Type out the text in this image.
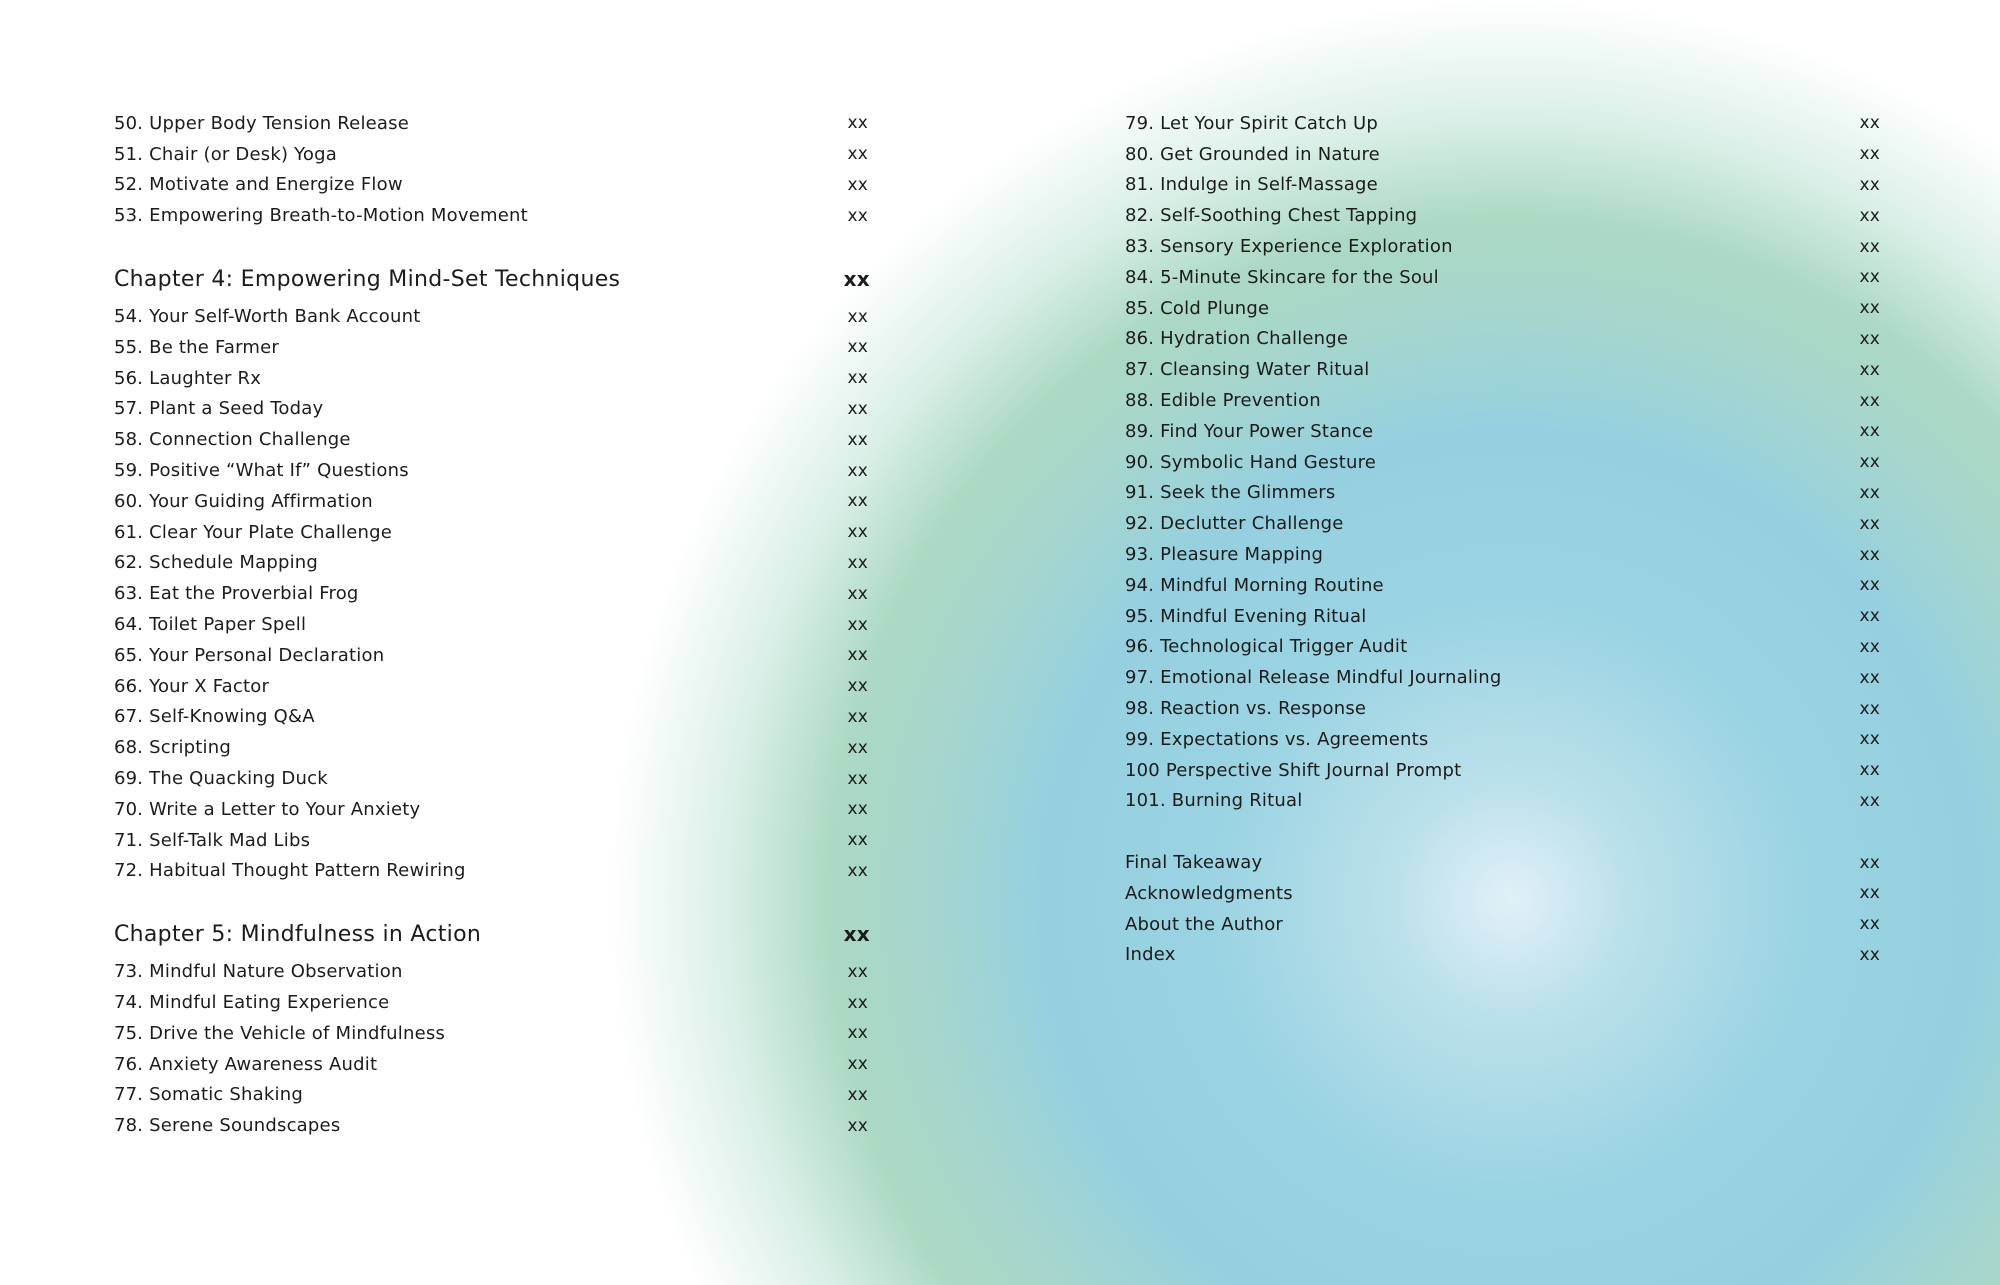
50. Upper Body Tension Release	xx
51. Chair (or Desk) Yoga	xx
52. Motivate and Energize Flow	xx
53. Empowering Breath-to-Motion Movement	xx
Chapter 4: Empowering Mind-Set Techniques	xx
54. Your Self-Worth Bank Account	xx
55. Be the Farmer	xx
56. Laughter Rx	xx
57. Plant a Seed Today	xx
58. Connection Challenge	xx
59. Positive “What If” Questions	xx
60. Your Guiding Affirmation	xx
61. Clear Your Plate Challenge	xx
62. Schedule Mapping	xx
63. Eat the Proverbial Frog	xx
64. Toilet Paper Spell	xx
65. Your Personal Declaration	xx
66. Your X Factor	xx
67. Self-Knowing Q&A	xx
68. Scripting	xx
69. The Quacking Duck	xx
70. Write a Letter to Your Anxiety	xx
71. Self-Talk Mad Libs	xx
72. Habitual Thought Pattern Rewiring	xx
Chapter 5: Mindfulness in Action	xx
73. Mindful Nature Observation	xx
74. Mindful Eating Experience	xx
75. Drive the Vehicle of Mindfulness	xx
76. Anxiety Awareness Audit	xx
77. Somatic Shaking	xx
78. Serene Soundscapes	xx
79. Let Your Spirit Catch Up	xx
80. Get Grounded in Nature	xx
81. Indulge in Self-Massage	xx
82. Self-Soothing Chest Tapping	xx
83. Sensory Experience Exploration	xx
84. 5-Minute Skincare for the Soul	xx
85. Cold Plunge	xx
86. Hydration Challenge	xx
87. Cleansing Water Ritual	xx
88. Edible Prevention	xx
89. Find Your Power Stance	xx
90. Symbolic Hand Gesture	xx
91. Seek the Glimmers	xx
92. Declutter Challenge	xx
93. Pleasure Mapping	xx
94. Mindful Morning Routine	xx
95. Mindful Evening Ritual	xx
96. Technological Trigger Audit	xx
97. Emotional Release Mindful Journaling	xx
98. Reaction vs. Response	xx
99. Expectations vs. Agreements	xx
100 Perspective Shift Journal Prompt	xx
101. Burning Ritual	xx
Final Takeaway	xx
Acknowledgments	xx
About the Author	xx
Index	xx
